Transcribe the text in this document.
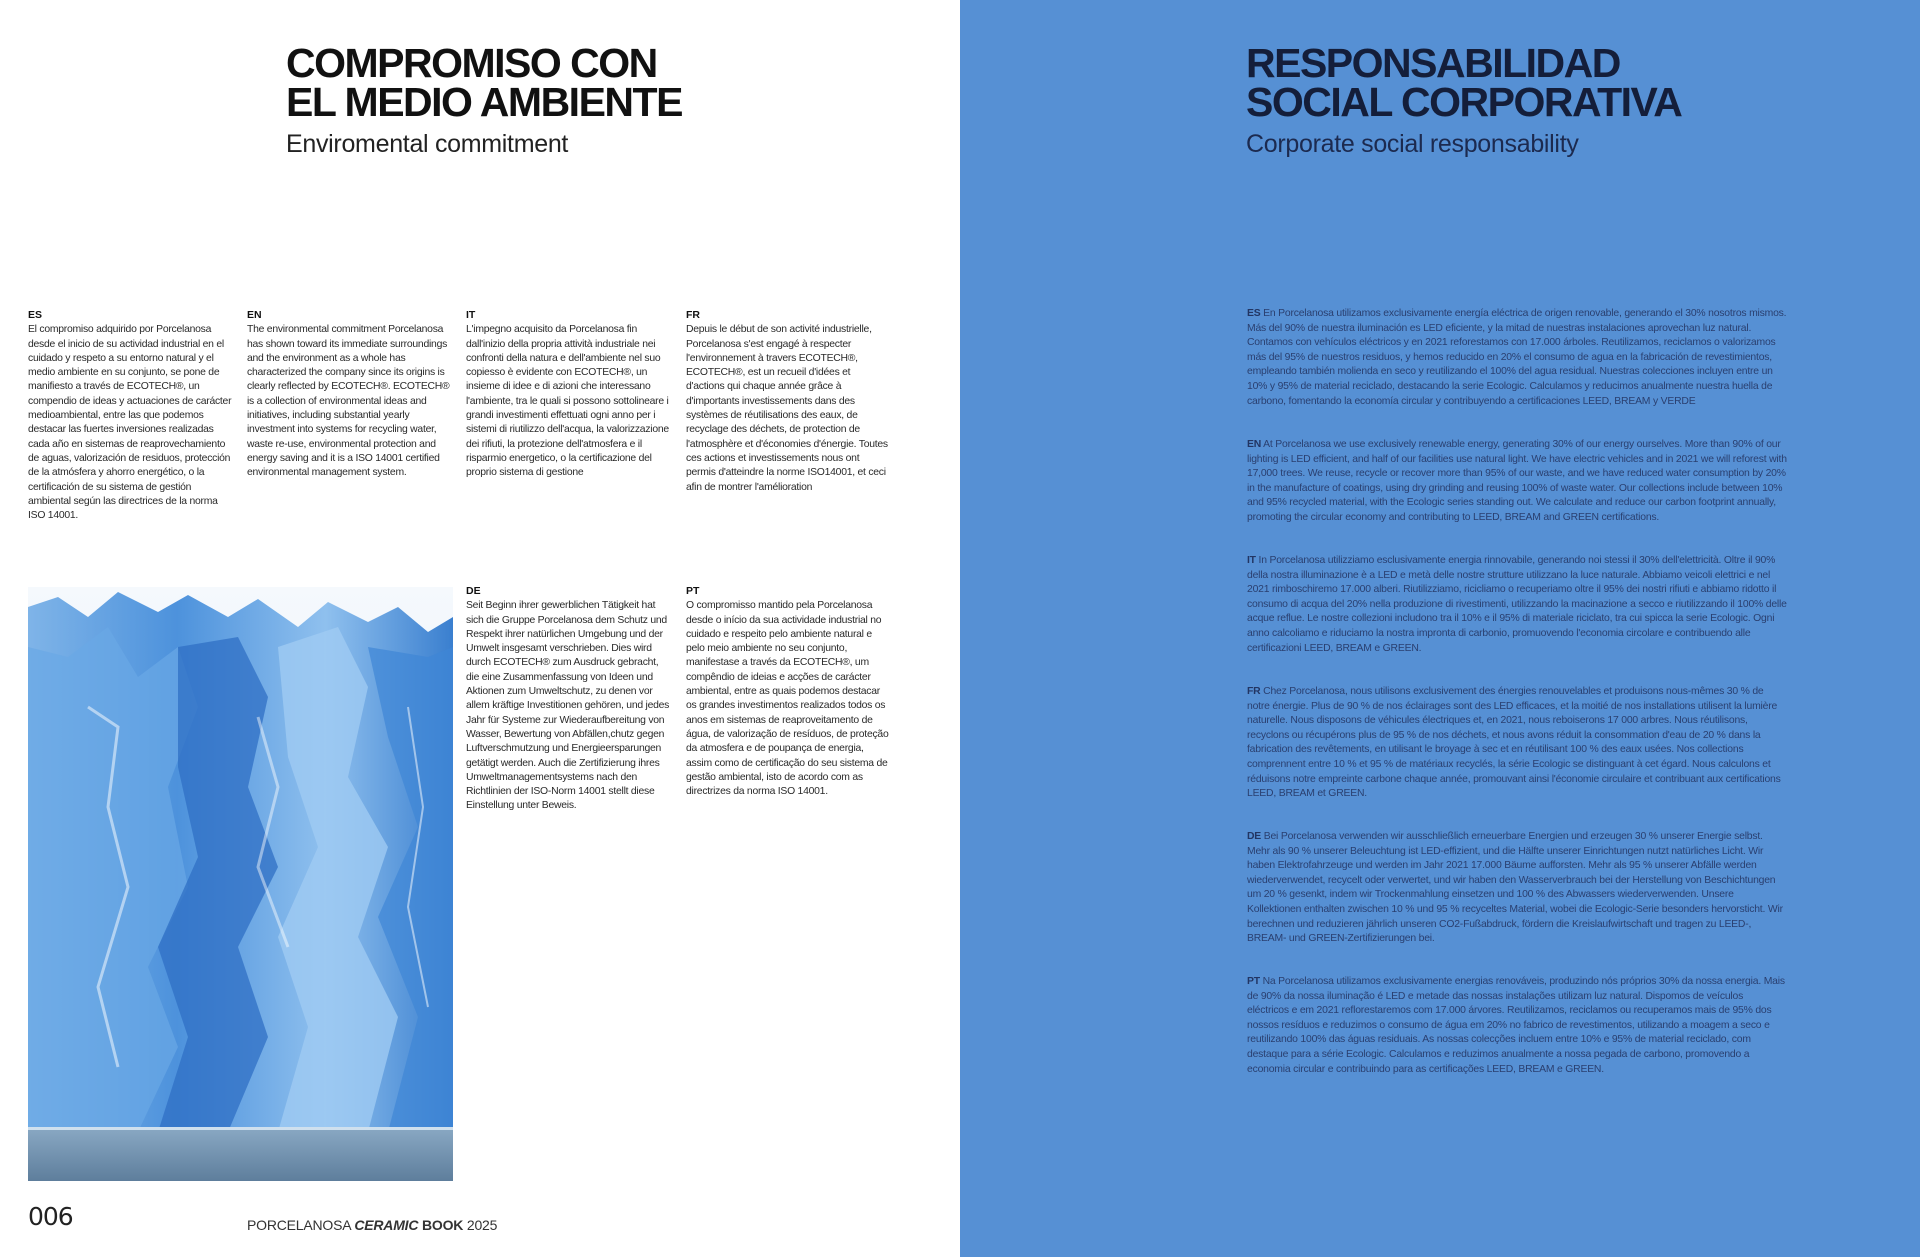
COMPROMISO CON
EL MEDIO AMBIENTE

Enviromental commitment

ES

El compromiso adquirido por Porcelanosa desde el inicio de su actividad industrial en el cuidado y respeto a su entorno natural y el medio ambiente en su conjunto, se pone de manifiesto a través de ECOTECH®, un compendio de ideas y actuaciones de carácter medioambiental, entre las que podemos destacar las fuertes inversiones realizadas cada año en sistemas de reaprovechamiento de aguas, valorización de residuos, protección de la atmósfera y ahorro energético, o la certificación de su sistema de gestión ambiental según las directrices de la norma ISO 14001.

EN

The environmental commitment Porcelanosa has shown toward its immediate surroundings and the environment as a whole has characterized the company since its origins is clearly reflected by ECOTECH®. ECOTECH® is a collection of environmental ideas and initiatives, including substantial yearly investment into systems for recycling water, waste re-use, environmental protection and energy saving and it is a ISO 14001 certified environmental management system.

IT

L'impegno acquisito da Porcelanosa fin dall'inizio della propria attività industriale nei confronti della natura e dell'ambiente nel suo copiesso è evidente con ECOTECH®, un insieme di idee e di azioni che interessano l'ambiente, tra le quali si possono sottolineare i grandi investimenti effettuati ogni anno per i sistemi di riutilizzo dell'acqua, la valorizzazione dei rifiuti, la protezione dell'atmosfera e il risparmio energetico, o la certificazione del proprio sistema di gestione

FR

Depuis le début de son activité industrielle, Porcelanosa s'est engagé à respecter l'environnement à travers ECOTECH®, ECOTECH®, est un recueil d'idées et d'actions qui chaque année grâce à d'importants investissements dans des systèmes de réutilisations des eaux, de recyclage des déchets, de protection de l'atmosphère et d'économies d'énergie. Toutes ces actions et investissements nous ont permis d'atteindre la norme ISO14001, et ceci afin de montrer l'amélioration

DE

Seit Beginn ihrer gewerblichen Tätigkeit hat sich die Gruppe Porcelanosa dem Schutz und Respekt ihrer natürlichen Umgebung und der Umwelt insgesamt verschrieben. Dies wird durch ECOTECH® zum Ausdruck gebracht, die eine Zusammenfassung von Ideen und Aktionen zum Umweltschutz, zu denen vor allem kräftige Investitionen gehören, und jedes Jahr für Systeme zur Wiederaufbereitung von Wasser, Bewertung von Abfällen,chutz gegen Luftverschmutzung und Energieersparungen getätigt werden. Auch die Zertifizierung ihres Umweltmanagementsystems nach den Richtlinien der ISO-Norm 14001 stellt diese Einstellung unter Beweis.

PT

O compromisso mantido pela Porcelanosa desde o início da sua actividade industrial no cuidado e respeito pelo ambiente natural e pelo meio ambiente no seu conjunto, manifestase a través da ECOTECH®, um compêndio de ideias e acções de carácter ambiental, entre as quais podemos destacar os grandes investimentos realizados todos os anos em sistemas de reaproveitamento de água, de valorização de resíduos, de proteção da atmosfera e de poupança de energia, assim como de certificação do seu sistema de gestão ambiental, isto de acordo com as directrizes da norma ISO 14001.

006	PORCELANOSA CERAMIC BOOK 2025
RESPONSABILIDAD
SOCIAL CORPORATIVA

Corporate social responsability

ES En Porcelanosa utilizamos exclusivamente energía eléctrica de origen renovable, generando el 30% nosotros mismos. Más del 90% de nuestra iluminación es LED eficiente, y la mitad de nuestras instalaciones aprovechan luz natural. Contamos con vehículos eléctricos y en 2021 reforestamos con 17.000 árboles. Reutilizamos, reciclamos o valorizamos más del 95% de nuestros residuos, y hemos reducido en 20% el consumo de agua en la fabricación de revestimientos, empleando también molienda en seco y reutilizando el 100% del agua residual. Nuestras colecciones incluyen entre un 10% y 95% de material reciclado, destacando la serie Ecologic. Calculamos y reducimos anualmente nuestra huella de carbono, fomentando la economía circular y contribuyendo a certificaciones LEED, BREAM y VERDE

EN At Porcelanosa we use exclusively renewable energy, generating 30% of our energy ourselves. More than 90% of our lighting is LED efficient, and half of our facilities use natural light. We have electric vehicles and in 2021 we will reforest with 17,000 trees. We reuse, recycle or recover more than 95% of our waste, and we have reduced water consumption by 20% in the manufacture of coatings, using dry grinding and reusing 100% of waste water. Our collections include between 10% and 95% recycled material, with the Ecologic series standing out. We calculate and reduce our carbon footprint annually, promoting the circular economy and contributing to LEED, BREAM and GREEN certifications.

IT In Porcelanosa utilizziamo esclusivamente energia rinnovabile, generando noi stessi il 30% dell'elettricità. Oltre il 90% della nostra illuminazione è a LED e metà delle nostre strutture utilizzano la luce naturale. Abbiamo veicoli elettrici e nel 2021 rimboschiremo 17.000 alberi. Riutilizziamo, ricicliamo o recuperiamo oltre il 95% dei nostri rifiuti e abbiamo ridotto il consumo di acqua del 20% nella produzione di rivestimenti, utilizzando la macinazione a secco e riutilizzando il 100% delle acque reflue. Le nostre collezioni includono tra il 10% e il 95% di materiale riciclato, tra cui spicca la serie Ecologic. Ogni anno calcoliamo e riduciamo la nostra impronta di carbonio, promuovendo l'economia circolare e contribuendo alle certificazioni LEED, BREAM e GREEN.

FR Chez Porcelanosa, nous utilisons exclusivement des énergies renouvelables et produisons nous-mêmes 30 % de notre énergie. Plus de 90 % de nos éclairages sont des LED efficaces, et la moitié de nos installations utilisent la lumière naturelle. Nous disposons de véhicules électriques et, en 2021, nous reboiserons 17 000 arbres. Nous réutilisons, recyclons ou récupérons plus de 95 % de nos déchets, et nous avons réduit la consommation d'eau de 20 % dans la fabrication des revêtements, en utilisant le broyage à sec et en réutilisant 100 % des eaux usées. Nos collections comprennent entre 10 % et 95 % de matériaux recyclés, la série Ecologic se distinguant à cet égard. Nous calculons et réduisons notre empreinte carbone chaque année, promouvant ainsi l'économie circulaire et contribuant aux certifications LEED, BREAM et GREEN.

DE Bei Porcelanosa verwenden wir ausschließlich erneuerbare Energien und erzeugen 30 % unserer Energie selbst. Mehr als 90 % unserer Beleuchtung ist LED-effizient, und die Hälfte unserer Einrichtungen nutzt natürliches Licht. Wir haben Elektrofahrzeuge und werden im Jahr 2021 17.000 Bäume aufforsten. Mehr als 95 % unserer Abfälle werden wiederverwendet, recycelt oder verwertet, und wir haben den Wasserverbrauch bei der Herstellung von Beschichtungen um 20 % gesenkt, indem wir Trockenmahlung einsetzen und 100 % des Abwassers wiederverwenden. Unsere Kollektionen enthalten zwischen 10 % und 95 % recyceltes Material, wobei die Ecologic-Serie besonders hervorsticht. Wir berechnen und reduzieren jährlich unseren CO2-Fußabdruck, fördern die Kreislaufwirtschaft und tragen zu LEED-, BREAM- und GREEN-Zertifizierungen bei.

PT Na Porcelanosa utilizamos exclusivamente energias renováveis, produzindo nós próprios 30% da nossa energia. Mais de 90% da nossa iluminação é LED e metade das nossas instalações utilizam luz natural. Dispomos de veículos eléctricos e em 2021 reflorestaremos com 17.000 árvores. Reutilizamos, reciclamos ou recuperamos mais de 95% dos nossos resíduos e reduzimos o consumo de água em 20% no fabrico de revestimentos, utilizando a moagem a seco e reutilizando 100% das águas residuais. As nossas colecções incluem entre 10% e 95% de material reciclado, com destaque para a série Ecologic. Calculamos e reduzimos anualmente a nossa pegada de carbono, promovendo a economia circular e contribuindo para as certificações LEED, BREAM e GREEN.
